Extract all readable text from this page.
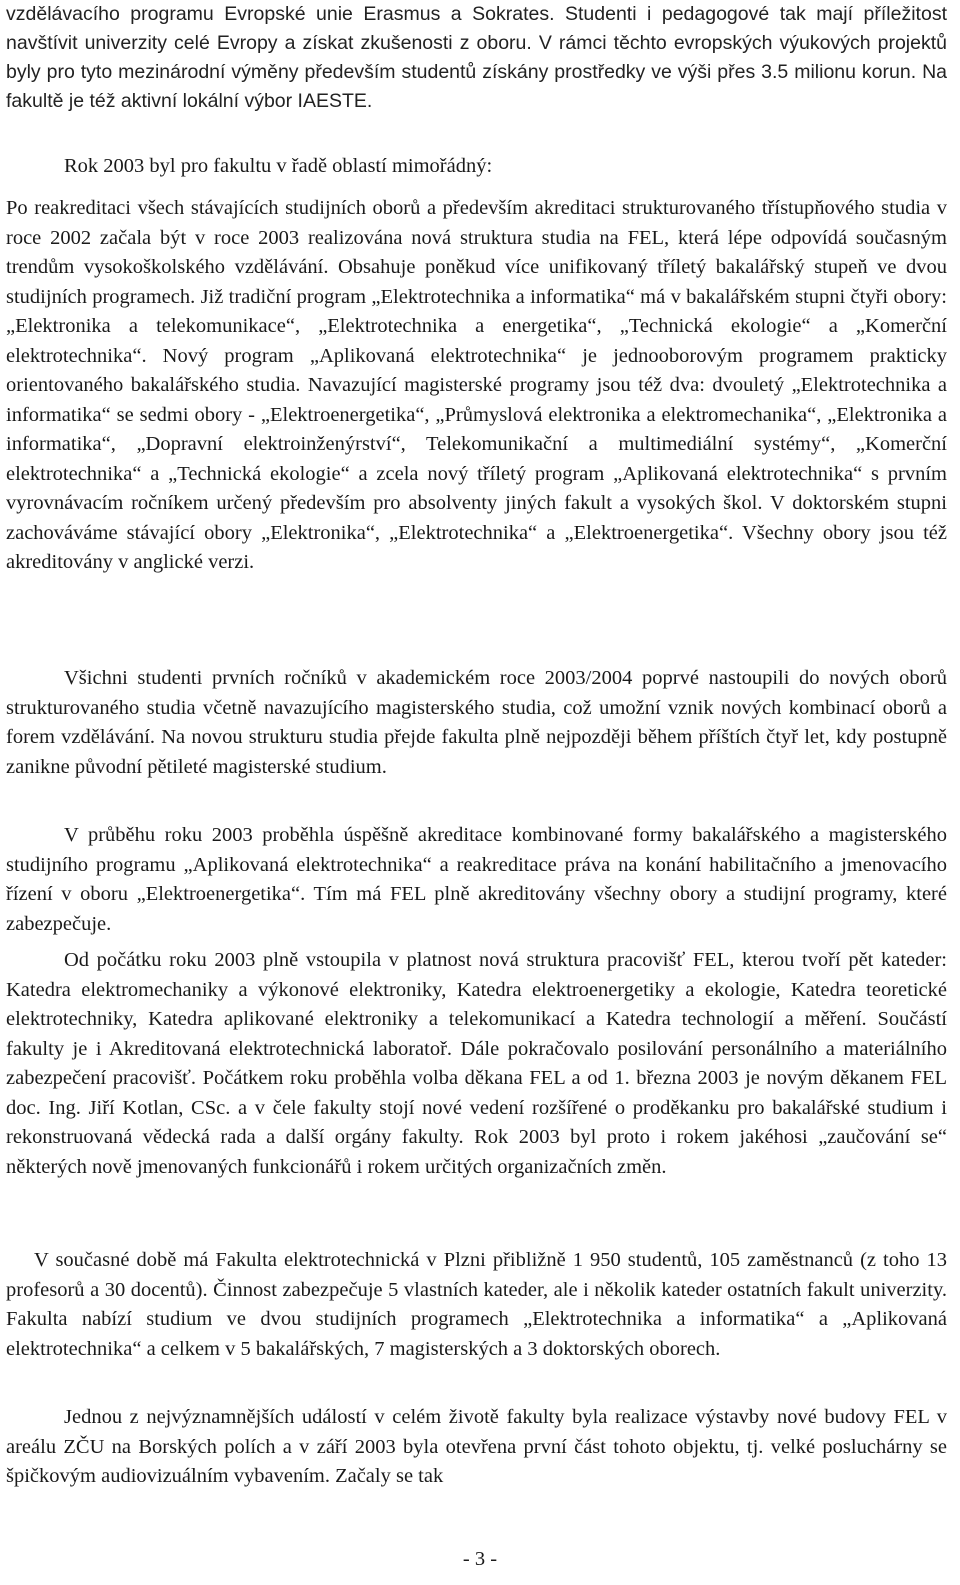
vzdělávacího programu Evropské unie Erasmus a Sokrates. Studenti i pedagogové tak mají příležitost navštívit univerzity celé Evropy a získat zkušenosti z oboru. V rámci těchto evropských výukových projektů byly pro tyto mezinárodní výměny především studentů získány prostředky ve výši přes 3.5 milionu korun. Na fakultě je též aktivní lokální výbor IAESTE.

Rok 2003 byl pro fakultu v řadě oblastí mimořádný:

Po reakreditaci všech stávajících studijních oborů a především akreditaci strukturovaného třístupňového studia v roce 2002 začala být v roce 2003 realizována nová struktura studia na FEL, která lépe odpovídá současným trendům vysokoškolského vzdělávání. Obsahuje poněkud více unifikovaný tříletý bakalářský stupeň ve dvou studijních programech. Již tradiční program „Elektrotechnika a informatika“ má v bakalářském stupni čtyři obory: „Elektronika a telekomunikace“, „Elektrotechnika a energetika“, „Technická ekologie“ a „Komerční elektrotechnika“. Nový program „Aplikovaná elektrotechnika“ je jednooborovým programem prakticky orientovaného bakalářského studia. Navazující magisterské programy jsou též dva: dvouletý „Elektrotechnika a informatika“ se sedmi obory - „Elektroenergetika“, „Průmyslová elektronika a elektromechanika“, „Elektronika a informatika“, „Dopravní elektroinženýrství“, Telekomunikační a multimediální systémy“, „Komerční elektrotechnika“ a „Technická ekologie“ a zcela nový tříletý program „Aplikovaná elektrotechnika“ s prvním vyrovnávacím ročníkem určený především pro absolventy jiných fakult a vysokých škol. V doktorském stupni zachováváme stávající obory „Elektronika“, „Elektrotechnika“ a „Elektroenergetika“. Všechny obory jsou též akreditovány v anglické verzi.

Všichni studenti prvních ročníků v akademickém roce 2003/2004 poprvé nastoupili do nových oborů strukturovaného studia včetně navazujícího magisterského studia, což umožní vznik nových kombinací oborů a forem vzdělávání. Na novou strukturu studia přejde fakulta plně nejpozději během příštích čtyř let, kdy postupně zanikne původní pětileté magisterské studium.

V průběhu roku 2003 proběhla úspěšně akreditace kombinované formy bakalářského a magisterského studijního programu „Aplikovaná elektrotechnika“ a reakreditace práva na konání habilitačního a jmenovacího řízení v oboru „Elektroenergetika“. Tím má FEL plně akreditovány všechny obory a studijní programy, které zabezpečuje.

Od počátku roku 2003 plně vstoupila v platnost nová struktura pracovišť FEL, kterou tvoří pět kateder: Katedra elektromechaniky a výkonové elektroniky, Katedra elektroenergetiky a ekologie, Katedra teoretické elektrotechniky, Katedra aplikované elektroniky a telekomunikací a Katedra technologií a měření. Součástí fakulty je i Akreditovaná elektrotechnická laboratoř. Dále pokračovalo posilování personálního a materiálního zabezpečení pracovišť. Počátkem roku proběhla volba děkana FEL a od 1. března 2003 je novým děkanem FEL doc. Ing. Jiří Kotlan, CSc. a v čele fakulty stojí nové vedení rozšířené o proděkanku pro bakalářské studium i rekonstruovaná vědecká rada a další orgány fakulty. Rok 2003 byl proto i rokem jakéhosi „zaučování se“ některých nově jmenovaných funkcionářů i rokem určitých organizačních změn.

V současné době má Fakulta elektrotechnická v Plzni přibližně 1 950 studentů, 105 zaměstnanců (z toho 13 profesorů a 30 docentů). Činnost zabezpečuje 5 vlastních kateder, ale i několik kateder ostatních fakult univerzity. Fakulta nabízí studium ve dvou studijních programech „Elektrotechnika a informatika“ a „Aplikovaná elektrotechnika“ a celkem v 5 bakalářských, 7 magisterských a 3 doktorských oborech.

Jednou z nejvýznamnějších událostí v celém životě fakulty byla realizace výstavby nové budovy FEL v areálu ZČU na Borských polích a v září 2003 byla otevřena první část tohoto objektu, tj. velké posluchárny se špičkovým audiovizuálním vybavením. Začaly se tak

- 3 -
